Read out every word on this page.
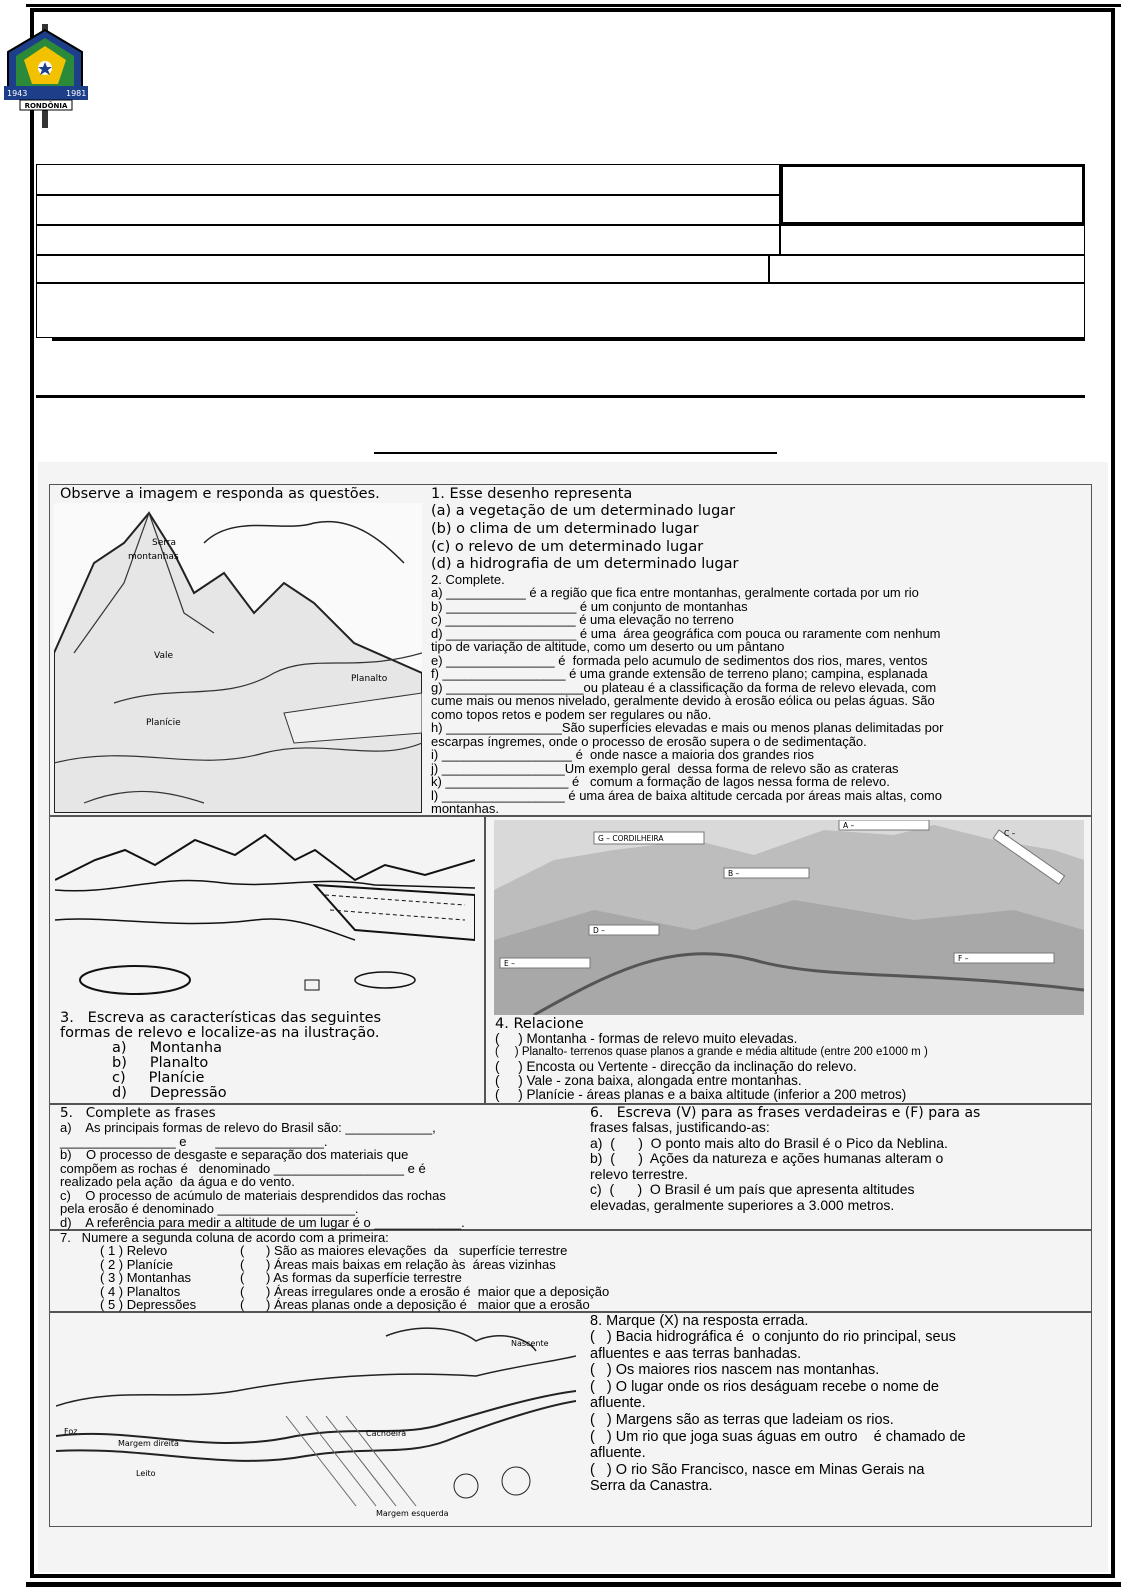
1943	1981
RONDÔNIA
Observe a imagem e responda as questões.
Serra
montanhas
Vale
Planalto
Planície
1. Esse desenho representa
(a) a vegetação de um determinado lugar
(b) o clima de um determinado lugar
(c) o relevo de um determinado lugar
(d) a hidrografia de um determinado lugar
2. Complete.
a) ___________ é a região que fica entre montanhas, geralmente cortada por um rio
b) __________________ é um conjunto de montanhas
c) __________________ é uma elevação no terreno
d) __________________ é uma  área geográfica com pouca ou raramente com nenhum
tipo de variação de altitude, como um deserto ou um pântano
e) _______________ é  formada pelo acumulo de sedimentos dos rios, mares, ventos
f) _________________ é uma grande extensão de terreno plano; campina, esplanada
g) ___________________ou plateau é a classificação da forma de relevo elevada, com
cume mais ou menos nivelado, geralmente devido à erosão eólica ou pelas águas. São
como topos retos e podem ser regulares ou não.
h) ________________São superfícies elevadas e mais ou menos planas delimitadas por
escarpas íngremes, onde o processo de erosão supera o de sedimentação.
i) __________________ é  onde nasce a maioria dos grandes rios
j) _________________Um exemplo geral  dessa forma de relevo são as crateras
k) _________________ é   comum a formação de lagos nessa forma de relevo.
l) _________________ é uma área de baixa altitude cercada por áreas mais altas, como
montanhas.
3.   Escreva as características das seguintes
formas de relevo e localize-as na ilustração.
a)     Montanha
b)     Planalto
c)     Planície
d)     Depressão
G – CORDILHEIRA
A –
C –
B –
D –
E –
F –
4. Relacione
(     ) Montanha - formas de relevo muito elevadas.
(     ) Planalto- terrenos quase planos a grande e média altitude (entre 200 e1000 m )
(     ) Encosta ou Vertente - direcção da inclinação do relevo.
(     ) Vale - zona baixa, alongada entre montanhas.
(     ) Planície - áreas planas e a baixa altitude (inferior a 200 metros)
5.   Complete as frases
a)    As principais formas de relevo do Brasil são: ____________,
________________ e        _______________.
b)    O processo de desgaste e separação dos materiais que
compõem as rochas é   denominado __________________ e é
realizado pela ação  da água e do vento.
c)    O processo de acúmulo de materiais desprendidos das rochas
pela erosão é denominado ___________________.
d)    A referência para medir a altitude de um lugar é o ____________.
6.   Escreva (V) para as frases verdadeiras e (F) para as
frases falsas, justificando-as:
a)  (      )  O ponto mais alto do Brasil é o Pico da Neblina.
b)  (      )  Ações da natureza e ações humanas alteram o
relevo terrestre.
c)  (      )  O Brasil é um país que apresenta altitudes
elevadas, geralmente superiores a 3.000 metros.
7.   Numere a segunda coluna de acordo com a primeira:
( 1 ) Relevo
( 2 ) Planície
( 3 ) Montanhas
( 4 ) Planaltos
( 5 ) Depressões
(      ) São as maiores elevações  da   superfície terrestre
(      ) Áreas mais baixas em relação às  áreas vizinhas
(      ) As formas da superfície terrestre
(      ) Áreas irregulares onde a erosão é  maior que a deposição
(      ) Áreas planas onde a deposição é   maior que a erosão
Nascente
Margem direita
Cachoeira
Leito
Margem esquerda
Foz
8. Marque (X) na resposta errada.
(   ) Bacia hidrográfica é  o conjunto do rio principal, seus
afluentes e aas terras banhadas.
(   ) Os maiores rios nascem nas montanhas.
(   ) O lugar onde os rios deságuam recebe o nome de
afluente.
(   ) Margens são as terras que ladeiam os rios.
(   ) Um rio que joga suas águas em outro    é chamado de
afluente.
(   ) O rio São Francisco, nasce em Minas Gerais na
Serra da Canastra.
